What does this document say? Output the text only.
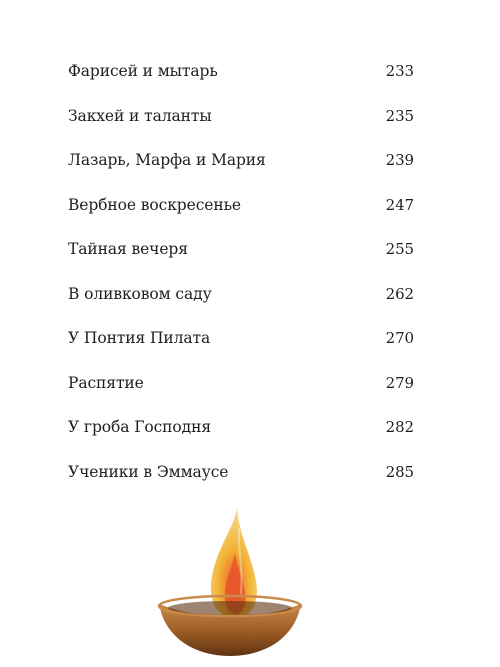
Фарисей и мытарь	233
Закхей и таланты	235
Лазарь, Марфа и Мария	239
Вербное воскресенье	247
Тайная вечеря	255
В оливковом саду	262
У Понтия Пилата	270
Распятие	279
У гроба Господня	282
Ученики в Эммаусе	285
